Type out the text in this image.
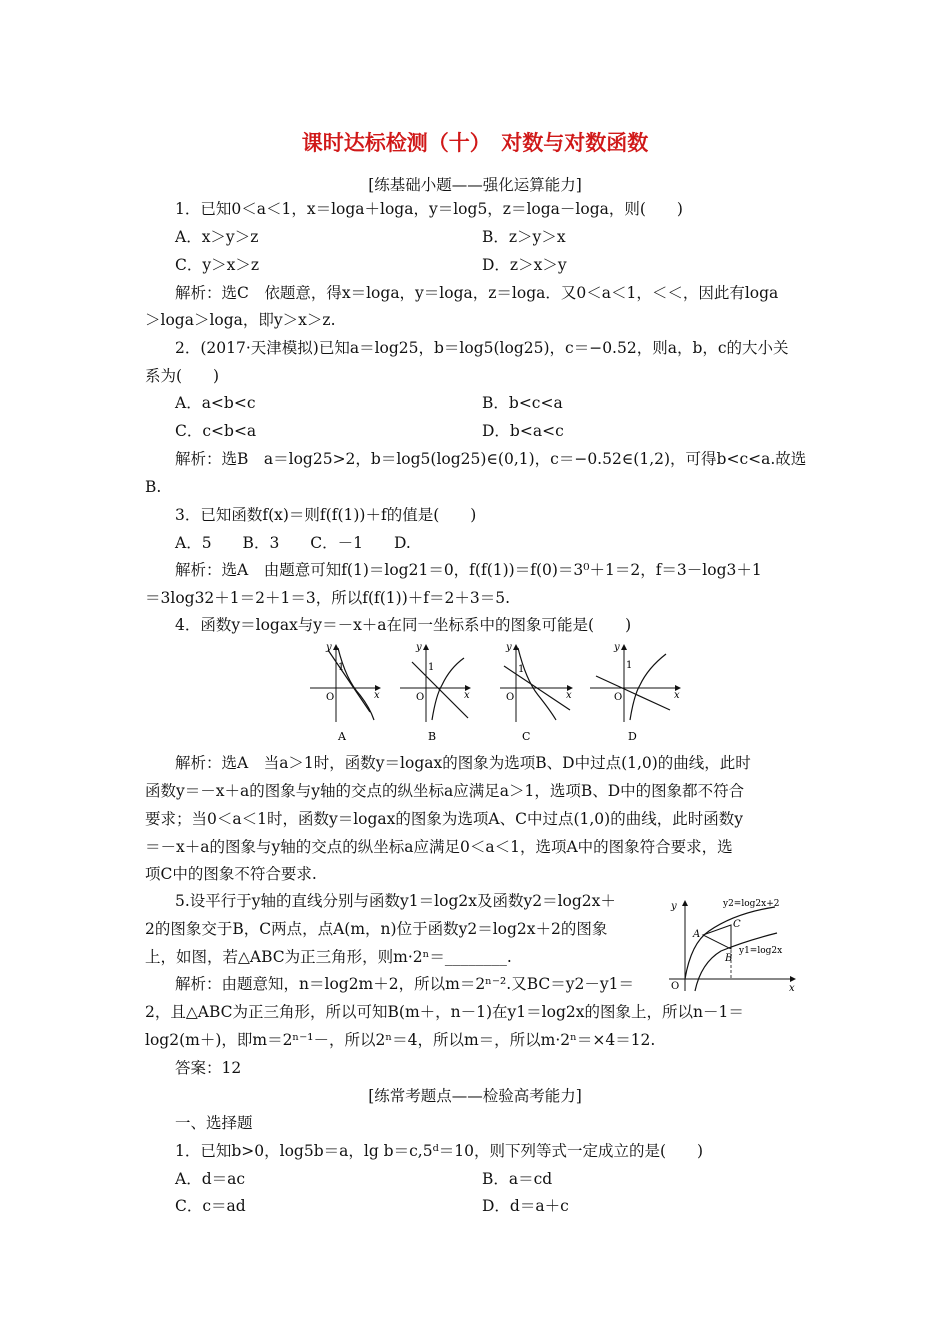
课时达标检测（十）　对数与对数函数
[练基础小题——强化运算能力]
1．已知0＜a＜1，x＝loga＋loga，y＝log5，z＝loga－loga，则(　　)
A．x＞y＞z	B．z＞y＞x
C．y＞x＞z	D．z＞x＞y
解析：选C　依题意，得x＝loga，y＝loga，z＝loga．又0＜a＜1，＜＜，因此有loga
＞loga＞loga，即y＞x＞z.
2．(2017·天津模拟)已知a＝log25，b＝log5(log25)，c＝−0.52，则a，b，c的大小关
系为(　　)
A．a<b<c	B．b<c<a
C．c<b<a	D．b<a<c
解析：选B　a＝log25>2，b＝log5(log25)∈(0,1)，c＝−0.52∈(1,2)，可得b<c<a.故选
B.
3．已知函数f(x)＝则f(f(1))＋f的值是(　　)
A．5　　B．3　　C．－1　　D.
解析：选A　由题意可知f(1)＝log21＝0，f(f(1))＝f(0)＝3⁰＋1＝2，f＝3－log3＋1
＝3log32＋1＝2＋1＝3，所以f(f(1))＋f＝2＋3＝5.
4．函数y＝logax与y＝－x＋a在同一坐标系中的图象可能是(　　)
O
1
x
y
A
O
1
x
y
B
O
1
x
y
C
O
1
x
y
D
解析：选A　当a＞1时，函数y＝logax的图象为选项B、D中过点(1,0)的曲线，此时
函数y＝－x＋a的图象与y轴的交点的纵坐标a应满足a＞1，选项B、D中的图象都不符合
要求；当0＜a＜1时，函数y＝logax的图象为选项A、C中过点(1,0)的曲线，此时函数y
＝－x＋a的图象与y轴的交点的纵坐标a应满足0＜a＜1，选项A中的图象符合要求，选
项C中的图象不符合要求.
5.设平行于y轴的直线分别与函数y1＝log2x及函数y2＝log2x＋
2的图象交于B，C两点，点A(m，n)位于函数y2＝log2x＋2的图象
上，如图，若△ABC为正三角形，则m·2ⁿ＝________.
解析：由题意知，n＝log2m＋2，所以m＝2ⁿ⁻².又BC＝y2－y1＝
y
x
O
A
C
B
y2=log2x+2
y1=log2x
2，且△ABC为正三角形，所以可知B(m＋，n－1)在y1＝log2x的图象上，所以n－1＝
log2(m＋)，即m＝2ⁿ⁻¹－，所以2ⁿ＝4，所以m＝，所以m·2ⁿ＝×4＝12.
答案：12
[练常考题点——检验高考能力]
一、选择题
1．已知b>0，log5b＝a，lg b＝c,5ᵈ＝10，则下列等式一定成立的是(　　)
A．d＝ac	B．a＝cd
C．c＝ad	D．d＝a＋c
